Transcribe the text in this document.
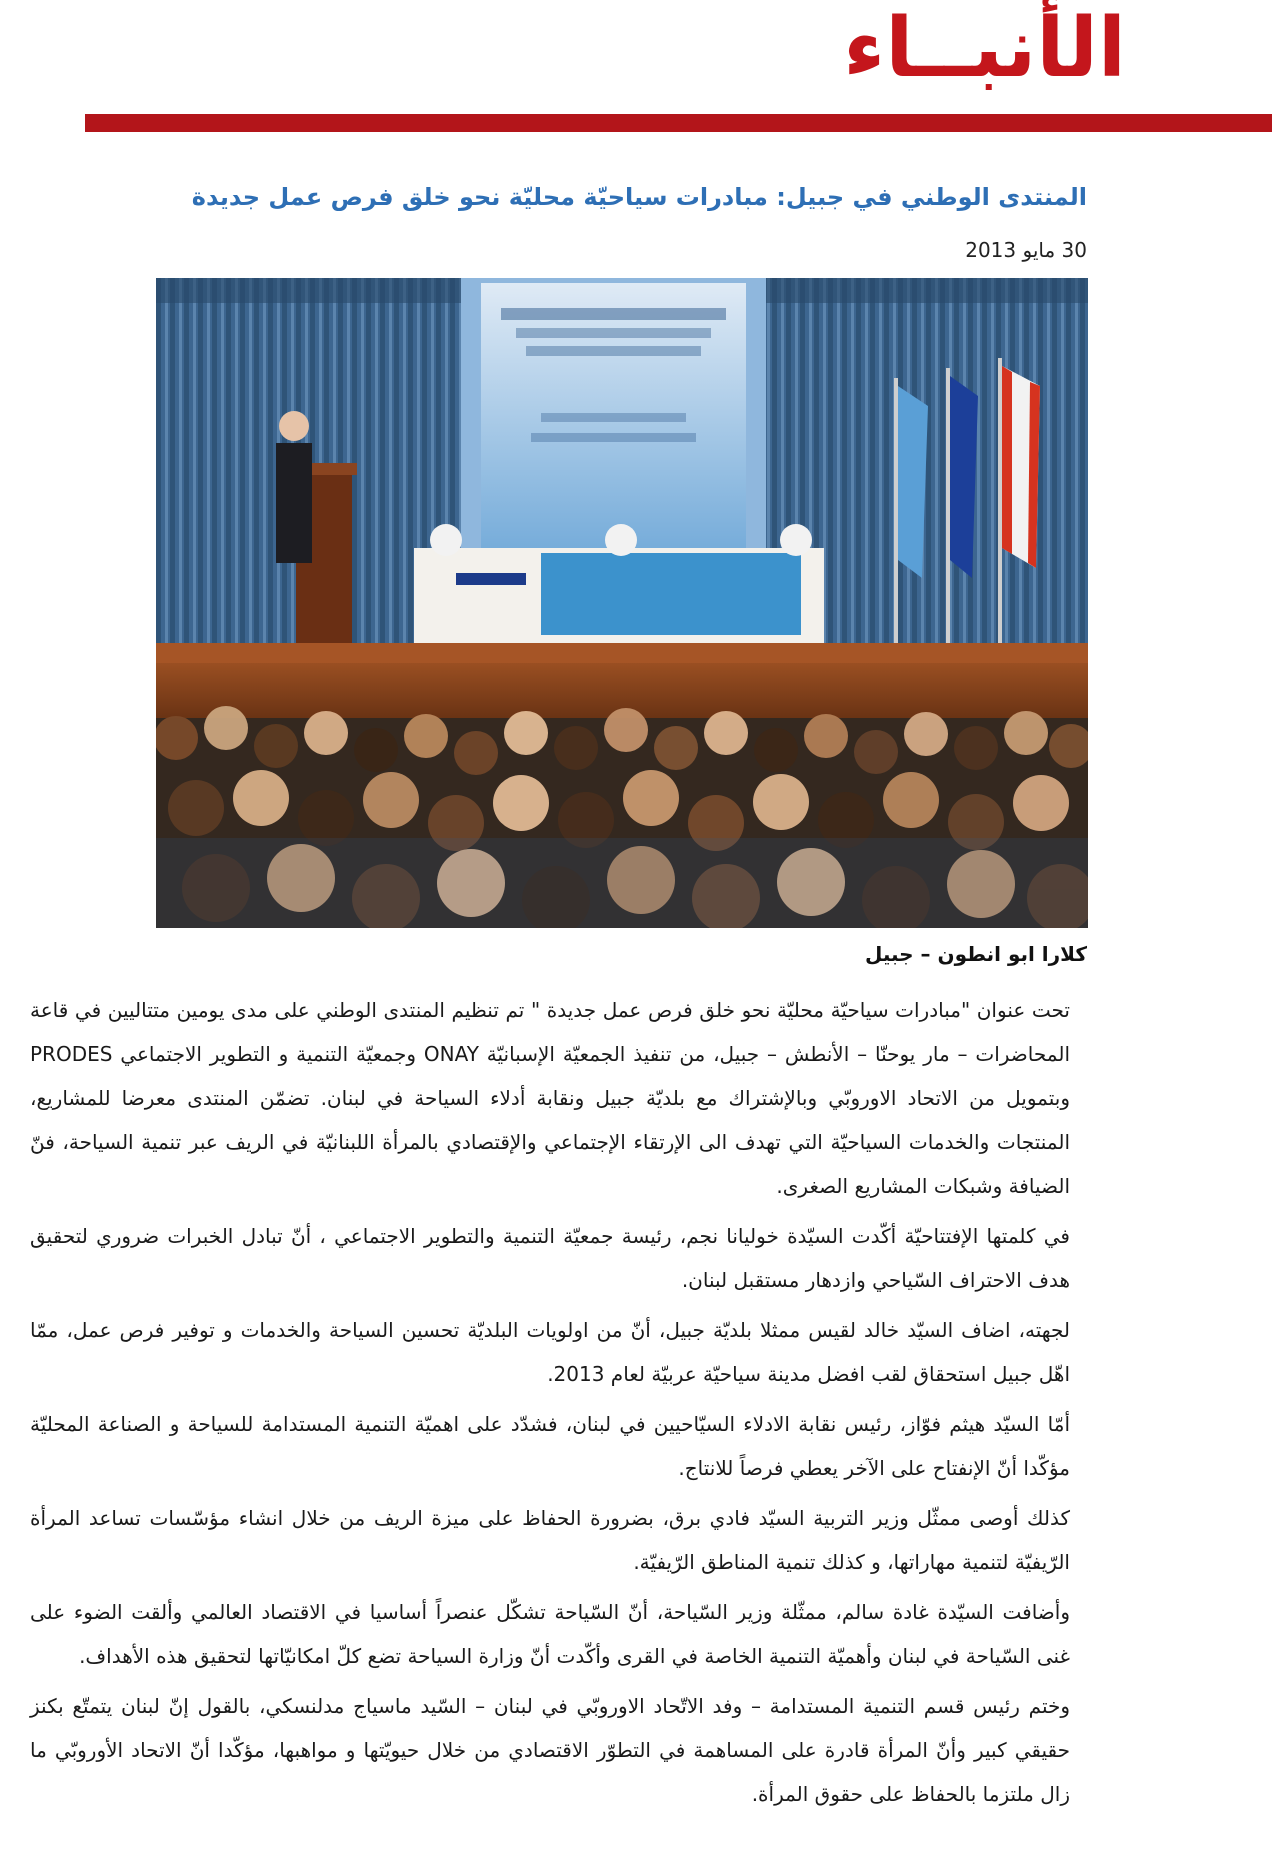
الأنبــاء
المنتدى الوطني في جبيل: مبادرات سياحيّة محليّة نحو خلق فرص عمل جديدة
30 مايو 2013
كلارا ابو انطون – جبيل

تحت عنوان "مبادرات سياحيّة محليّة نحو خلق فرص عمل جديدة " تم تنظيم المنتدى الوطني على مدى يومين متتاليين في قاعة المحاضرات – مار يوحنّا – الأنطش – جبيل، من تنفيذ الجمعيّة الإسبانيّة ONAY وجمعيّة التنمية و التطوير الاجتماعي PRODES وبتمويل من الاتحاد الاوروبّي وبالإشتراك مع بلديّة جبيل ونقابة أدلاء السياحة في لبنان. تضمّن المنتدى معرضا للمشاريع، المنتجات والخدمات السياحيّة التي تهدف الى الإرتقاء الإجتماعي والإقتصادي بالمرأة اللبنانيّة في الريف عبر تنمية السياحة، فنّ الضيافة وشبكات المشاريع الصغرى.

في كلمتها الإفتتاحيّة أكّدت السيّدة خوليانا نجم، رئيسة جمعيّة التنمية والتطوير الاجتماعي ، أنّ تبادل الخبرات ضروري لتحقيق هدف الاحتراف السّياحي وازدهار مستقبل لبنان.

لجهته، اضاف السيّد خالد لقيس ممثلا بلديّة جبيل، أنّ من اولويات البلديّة تحسين السياحة والخدمات و توفير فرص عمل، ممّا اهّل جبيل استحقاق لقب افضل مدينة سياحيّة عربيّة لعام 2013.

أمّا السيّد هيثم فوّاز، رئيس نقابة الادلاء السيّاحيين في لبنان، فشدّد على اهميّة التنمية المستدامة للسياحة و الصناعة المحليّة مؤكّدا أنّ الإنفتاح على الآخر يعطي فرصاً للانتاج.

كذلك أوصى ممثّل وزير التربية السيّد فادي برق، بضرورة الحفاظ على ميزة الريف من خلال انشاء مؤسّسات تساعد المرأة الرّيفيّة لتنمية مهاراتها، و كذلك تنمية المناطق الرّيفيّة.

وأضافت السيّدة غادة سالم، ممثّلة وزير السّياحة، أنّ السّياحة تشكّل عنصراً أساسيا في الاقتصاد العالمي وألقت الضوء على غنى السّياحة في لبنان وأهميّة التنمية الخاصة في القرى وأكّدت أنّ وزارة السياحة تضع كلّ امكانيّاتها لتحقيق هذه الأهداف.

وختم رئيس قسم التنمية المستدامة – وفد الاتّحاد الاوروبّي في لبنان – السّيد ماسياج مدلنسكي، بالقول إنّ لبنان يتمتّع بكنز حقيقي كبير وأنّ المرأة قادرة على المساهمة في التطوّر الاقتصادي من خلال حيويّتها و مواهبها، مؤكّدا أنّ الاتحاد الأوروبّي ما زال ملتزما بالحفاظ على حقوق المرأة.
